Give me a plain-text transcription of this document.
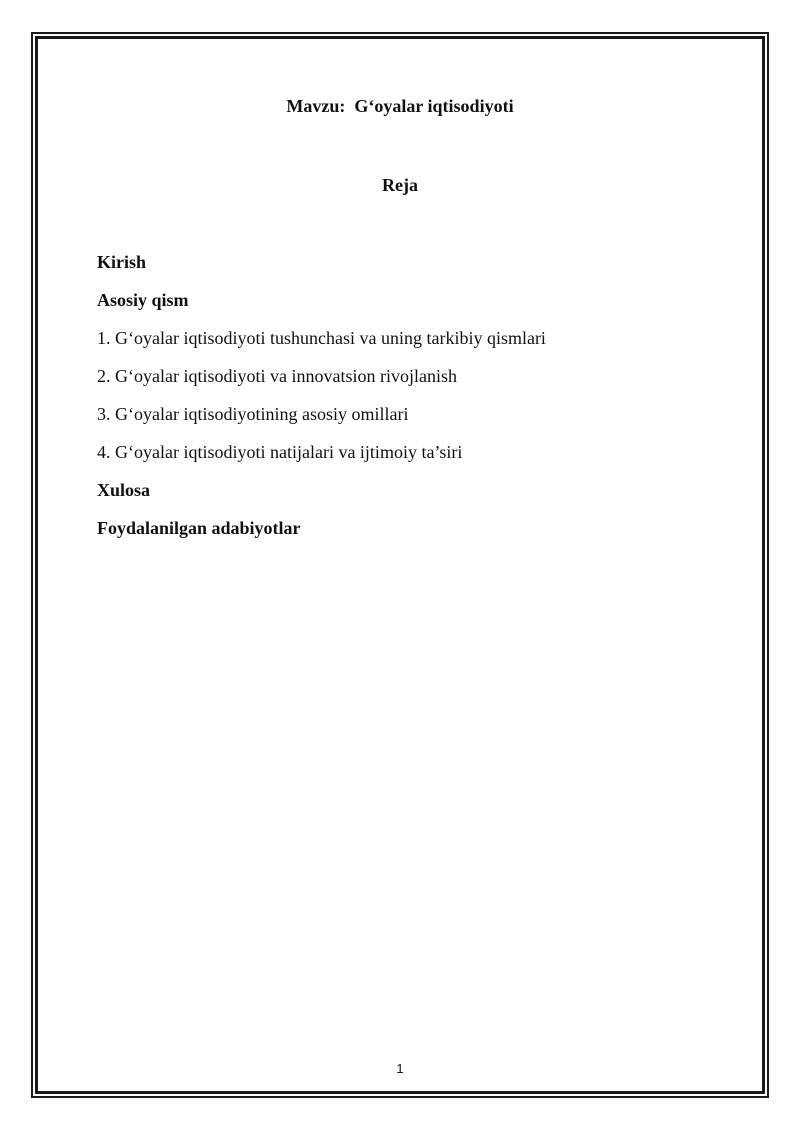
Mavzu:  G‘oyalar iqtisodiyoti
Reja
Kirish
Asosiy qism
1. G‘oyalar iqtisodiyoti tushunchasi va uning tarkibiy qismlari
2. G‘oyalar iqtisodiyoti va innovatsion rivojlanish
3. G‘oyalar iqtisodiyotining asosiy omillari
4. G‘oyalar iqtisodiyoti natijalari va ijtimoiy ta’siri
Xulosa
Foydalanilgan adabiyotlar
1
